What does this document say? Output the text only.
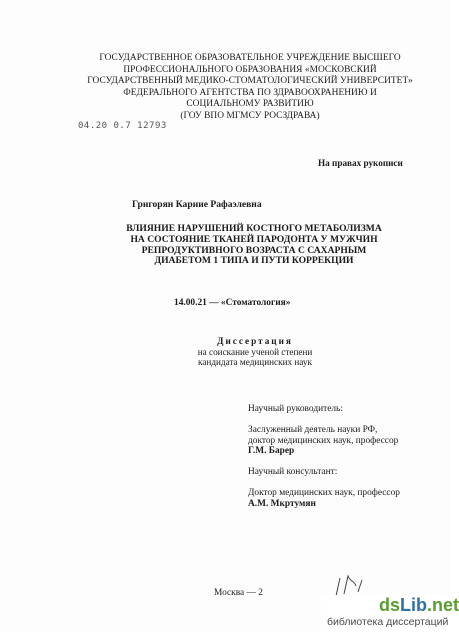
ГОСУДАРСТВЕННОЕ ОБРАЗОВАТЕЛЬНОЕ УЧРЕЖДЕНИЕ ВЫСШЕГО
ПРОФЕССИОНАЛЬНОГО ОБРАЗОВАНИЯ «МОСКОВСКИЙ
ГОСУДАРСТВЕННЫЙ МЕДИКО-СТОМАТОЛОГИЧЕСКИЙ УНИВЕРСИТЕТ»
ФЕДЕРАЛЬНОГО АГЕНТСТВА ПО ЗДРАВООХРАНЕНИЮ И
СОЦИАЛЬНОМУ РАЗВИТИЮ
(ГОУ ВПО МГМСУ РОСЗДРАВА)
04.20 0.7 12793
На правах рукописи
Григорян Кариие Рафаэлевна
ВЛИЯНИЕ НАРУШЕНИЙ КОСТНОГО МЕТАБОЛИЗМА
НА СОСТОЯНИЕ ТКАНЕЙ ПАРОДОНТА У МУЖЧИН
РЕПРОДУКТИВНОГО ВОЗРАСТА С САХАРНЫМ
ДИАБЕТОМ 1 ТИПА И ПУТИ КОРРЕКЦИИ
14.00.21 — «Стоматология»
Диссертация
на соискание ученой степени
кандидата медицинских наук
Научный руководитель:
Заслуженный деятель науки РФ,
доктор медицинских наук, профессор
Г.М. Барер
Научный консультант:
Доктор медицинских наук, профессор
А.М. Мкртумян
Москва — 2
dsLib.net
библиотека диссертаций
